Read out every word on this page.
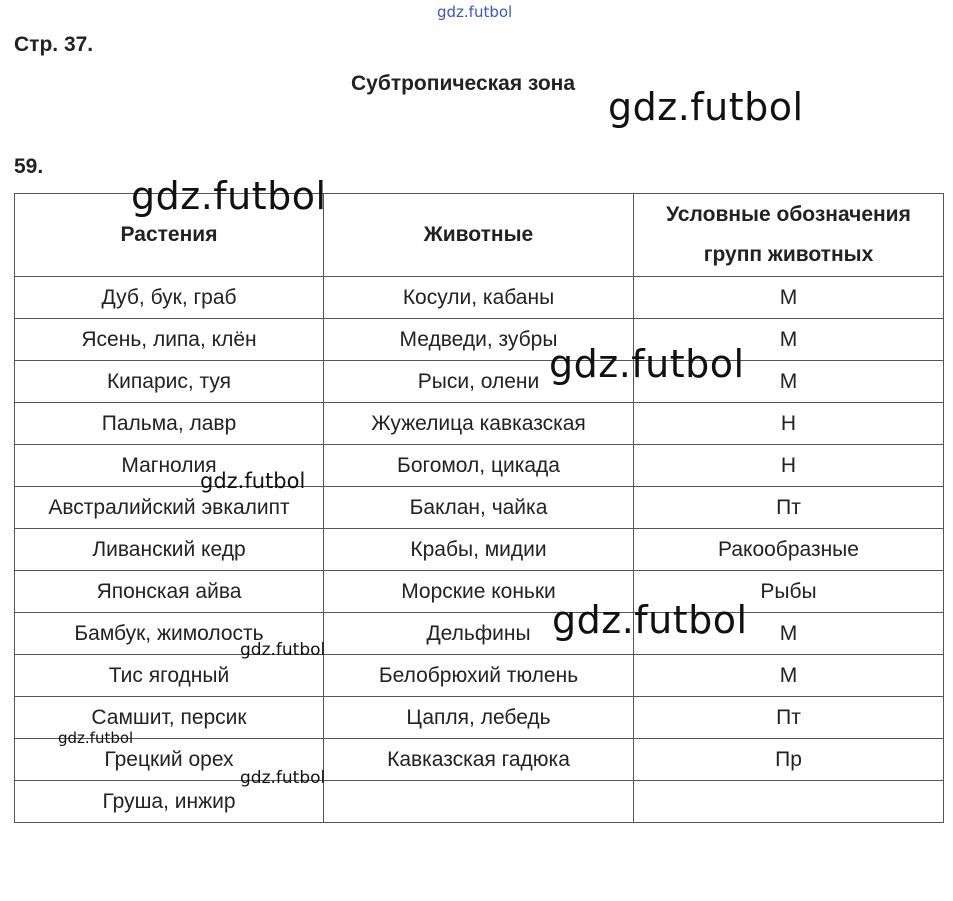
gdz.futbol
Стр. 37.
Субтропическая зона
59.
Растения	Животные	Условные обозначения
групп животных

Дуб, бук, граб	Косули, кабаны	М
Ясень, липа, клён	Медведи, зубры	М
Кипарис, туя	Рыси, олени	М
Пальма, лавр	Жужелица кавказская	Н
Магнолия	Богомол, цикада	Н
Австралийский эвкалипт	Баклан, чайка	Пт
Ливанский кедр	Крабы, мидии	Ракообразные
Японская айва	Морские коньки	Рыбы
Бамбук, жимолость	Дельфины	М
Тис ягодный	Белобрюхий тюлень	М
Самшит, персик	Цапля, лебедь	Пт
Грецкий орех	Кавказская гадюка	Пр
Груша, инжир		
gdz.futbol
gdz.futbol
gdz.futbol
gdz.futbol
gdz.futbol
gdz.futbol
gdz.futbol
gdz.futbol
